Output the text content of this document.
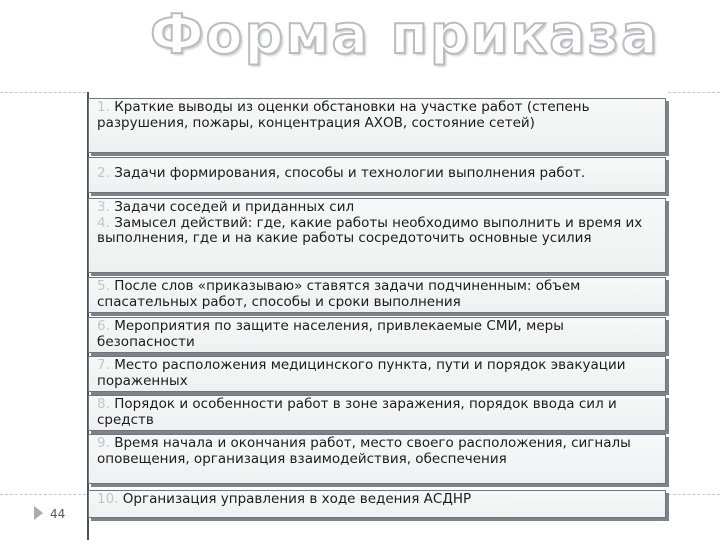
Форма приказа
1. Краткие выводы из оценки обстановки на участке работ (степень разрушения, пожары, концентрация АХОВ, состояние сетей)
2. Задачи формирования, способы и технологии выполнения работ.
3. Задачи соседей и приданных сил
4. Замысел действий: где, какие работы необходимо выполнить и время их выполнения, где и на какие работы сосредоточить основные усилия
5. После слов «приказываю» ставятся задачи подчиненным: объем спасательных работ, способы и сроки выполнения
6. Мероприятия по защите населения, привлекаемые СМИ, меры безопасности
7. Место расположения медицинского пункта, пути и порядок эвакуации пораженных
8. Порядок и особенности работ в зоне заражения, порядок ввода сил и средств
9. Время начала и окончания работ, место своего расположения, сигналы оповещения, организация взаимодействия, обеспечения
10. Организация управления в ходе ведения АСДНР
44
